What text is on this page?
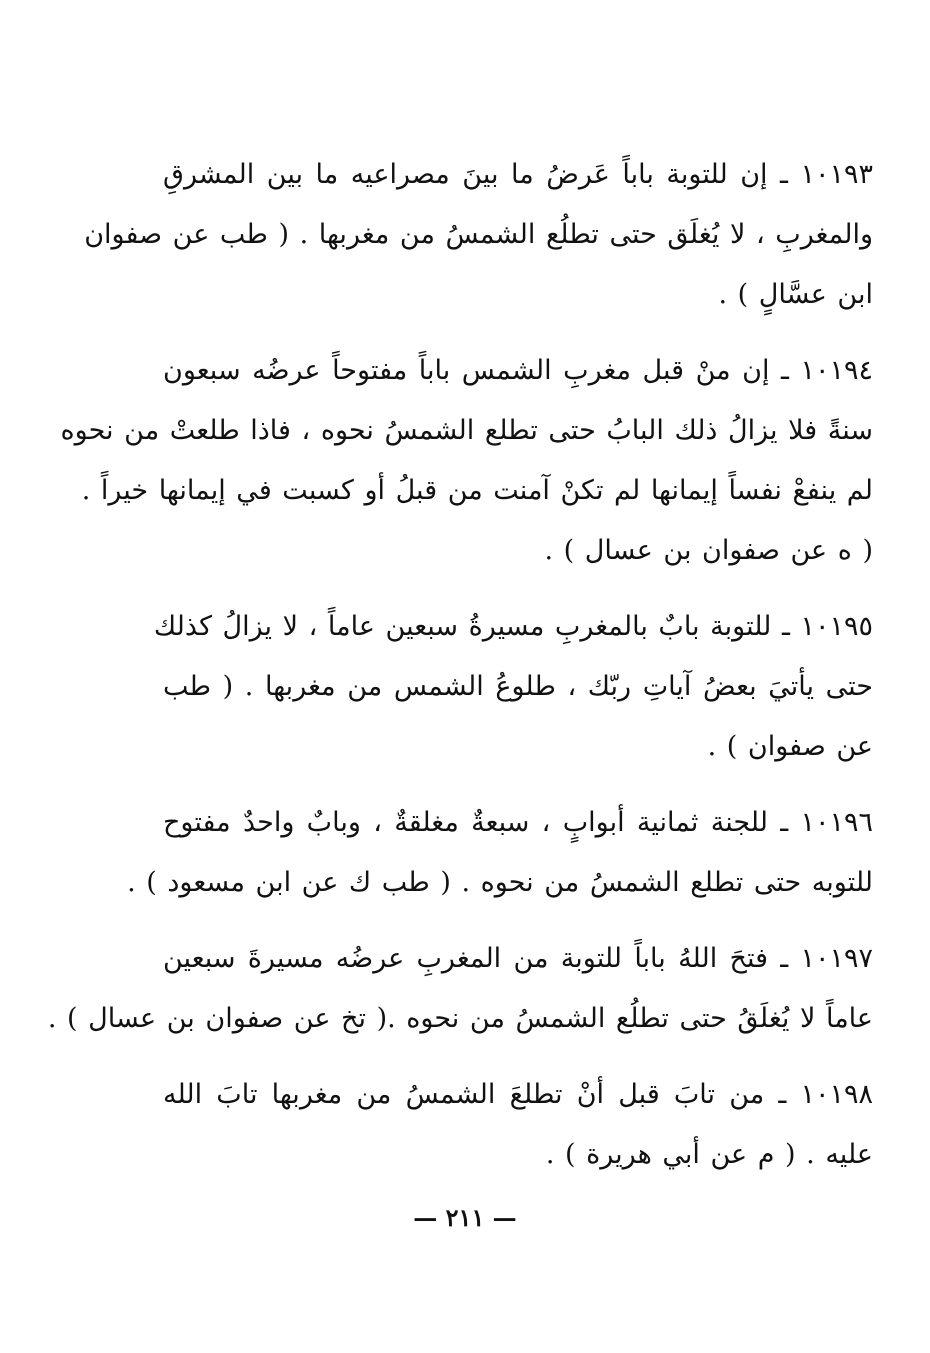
١٠١٩٣ ـ إن للتوبة باباً عَرضُ ما بينَ مصراعيه ما بين المشرقِ
والمغربِ ، لا يُغلَق حتى تطلُع الشمسُ من مغربها . ( طب عن صفوان
ابن عسَّالٍ ) .

١٠١٩٤ ـ إن منْ قبل مغربِ الشمس باباً مفتوحاً عرضُه سبعون
سنةً فلا يزالُ ذلك البابُ حتى تطلع الشمسُ نحوه ، فاذا طلعتْ من نحوه
لم ينفعْ نفساً إيمانها لم تكنْ آمنت من قبلُ أو كسبت في إيمانها خيراً .
( ه عن صفوان بن عسال ) .

١٠١٩٥ ـ للتوبة بابٌ بالمغربِ مسيرةُ سبعين عاماً ، لا يزالُ كذلك
حتى يأتيَ بعضُ آياتِ ربّك ، طلوعُ الشمس من مغربها . ( طب
عن صفوان ) .

١٠١٩٦ ـ للجنة ثمانية أبوابٍ ، سبعةٌ مغلقةٌ ، وبابٌ واحدٌ مفتوح
للتوبه حتى تطلع الشمسُ من نحوه . ( طب ك عن ابن مسعود ) .

١٠١٩٧ ـ فتحَ اللهُ باباً للتوبة من المغربِ عرضُه مسيرةَ سبعين
عاماً لا يُغلَقُ حتى تطلُع الشمسُ من نحوه .( تخ عن صفوان بن عسال ) .

١٠١٩٨ ـ من تابَ قبل أنْ تطلعَ الشمسُ من مغربها تابَ الله
عليه . ( م عن أبي هريرة ) .

— ٢١١ —
